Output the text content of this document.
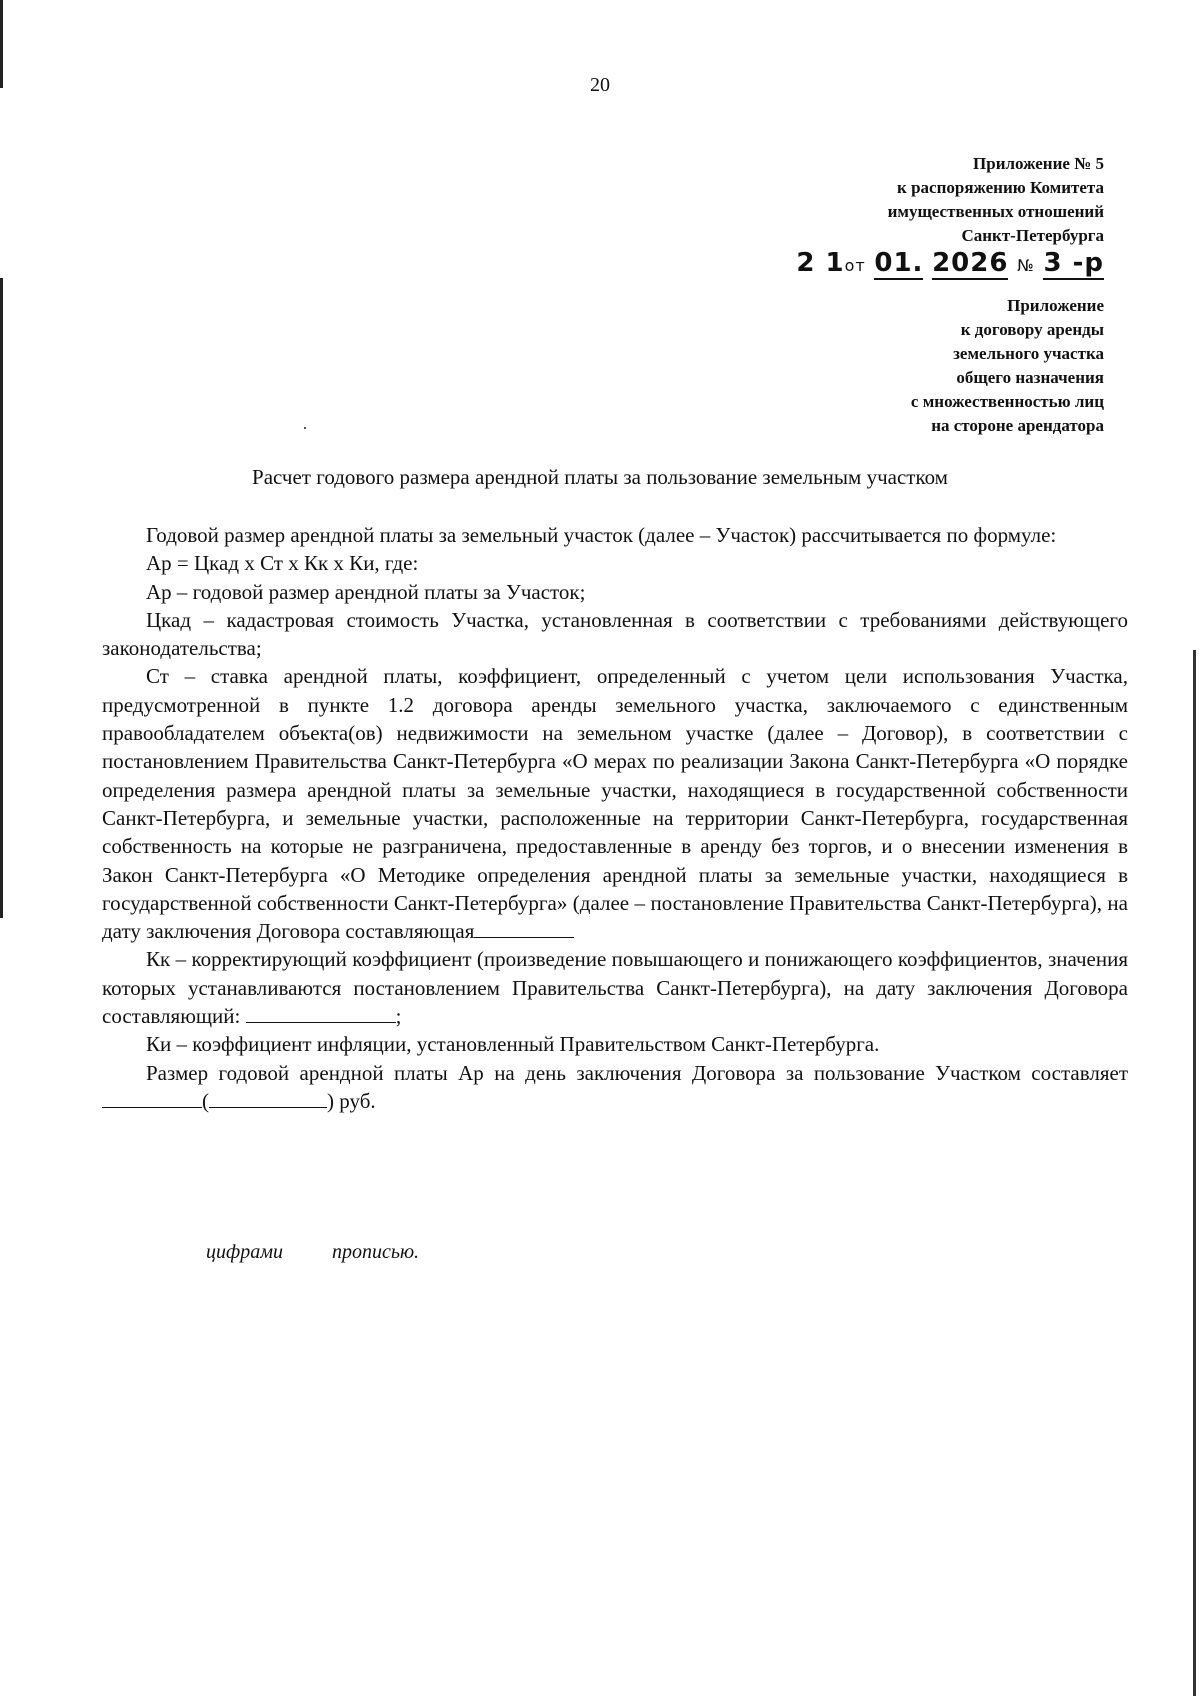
20
Приложение № 5
к распоряжению Комитета
имущественных отношений
Санкт-Петербурга
2 1от 01. 2026 № 3 -р
Приложение
к договору аренды
земельного участка
общего назначения
с множественностью лиц
на стороне арендатора
Расчет годового размера арендной платы за пользование земельным участком

Годовой размер арендной платы за земельный участок (далее – Участок) рассчитывается по формуле:

Ар = Цкад х Ст х Кк х Ки, где:

Ар – годовой размер арендной платы за Участок;

Цкад – кадастровая стоимость Участка, установленная в соответствии с требованиями действующего законодательства;

Ст – ставка арендной платы, коэффициент, определенный с учетом цели использования Участка, предусмотренной в пункте 1.2 договора аренды земельного участка, заключаемого с единственным правообладателем объекта(ов) недвижимости на земельном участке (далее – Договор), в соответствии с постановлением Правительства Санкт-Петербурга «О мерах по реализации Закона Санкт-Петербурга «О порядке определения размера арендной платы за земельные участки, находящиеся в государственной собственности Санкт-Петербурга, и земельные участки, расположенные на территории Санкт-Петербурга, государственная собственность на которые не разграничена, предоставленные в аренду без торгов, и о внесении изменения в Закон Санкт-Петербурга «О Методике определения арендной платы за земельные участки, находящиеся в государственной собственности Санкт-Петербурга» (далее – постановление Правительства Санкт-Петербурга), на дату заключения Договора составляющая

Кк – корректирующий коэффициент (произведение повышающего и понижающего коэффициентов, значения которых устанавливаются постановлением Правительства Санкт-Петербурга), на дату заключения Договора составляющий:	;

Ки – коэффициент инфляции, установленный Правительством Санкт-Петербурга.

Размер годовой арендной платы Ар на день заключения Договора за пользование Участком составляет(	) руб.

цифрами прописью.
